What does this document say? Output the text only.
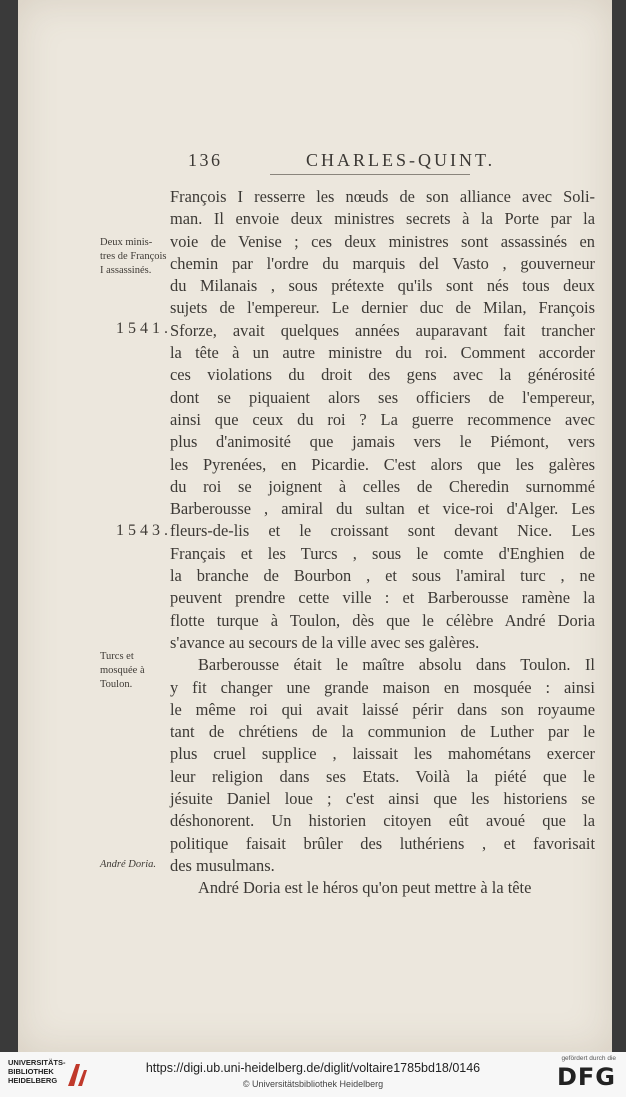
136	CHARLES-QUINT.
François I resserre les nœuds de son alliance avec Soli-
man. Il envoie deux ministres secrets à la Porte par la
voie de Venise ; ces deux ministres sont assassinés en
chemin par l'ordre du marquis del Vasto , gouverneur
du Milanais , sous prétexte qu'ils sont nés tous deux
sujets de l'empereur. Le dernier duc de Milan, François
Sforze, avait quelques années auparavant fait trancher
la tête à un autre ministre du roi. Comment accorder
ces violations du droit des gens avec la générosité
dont se piquaient alors ses officiers de l'empereur,
ainsi que ceux du roi ? La guerre recommence avec
plus d'animosité que jamais vers le Piémont, vers
les Pyrenées, en Picardie. C'est alors que les galères
du roi se joignent à celles de Cheredin surnommé
Barberousse , amiral du sultan et vice-roi d'Alger. Les
fleurs-de-lis et le croissant sont devant Nice. Les
Français et les Turcs , sous le comte d'Enghien de
la branche de Bourbon , et sous l'amiral turc , ne
peuvent prendre cette ville : et Barberousse ramène la
flotte turque à Toulon, dès que le célèbre André Doria
s'avance au secours de la ville avec ses galères.
Barberousse était le maître absolu dans Toulon. Il
y fit changer une grande maison en mosquée : ainsi
le même roi qui avait laissé périr dans son royaume
tant de chrétiens de la communion de Luther par le
plus cruel supplice , laissait les mahométans exercer
leur religion dans ses Etats. Voilà la piété que le
jésuite Daniel loue ; c'est ainsi que les historiens se
déshonorent. Un historien citoyen eût avoué que la
politique faisait brûler des luthériens , et favorisait
des musulmans.
André Doria est le héros qu'on peut mettre à la tête
Deux minis- tres de François I assassinés.
1541.
1543.
Turcs et mosquée à Toulon.
André Doria.
UNIVERSITÄTS- BIBLIOTHEK HEIDELBERG
https://digi.ub.uni-heidelberg.de/diglit/voltaire1785bd18/0146
© Universitätsbibliothek Heidelberg
gefördert durch die
DFG
